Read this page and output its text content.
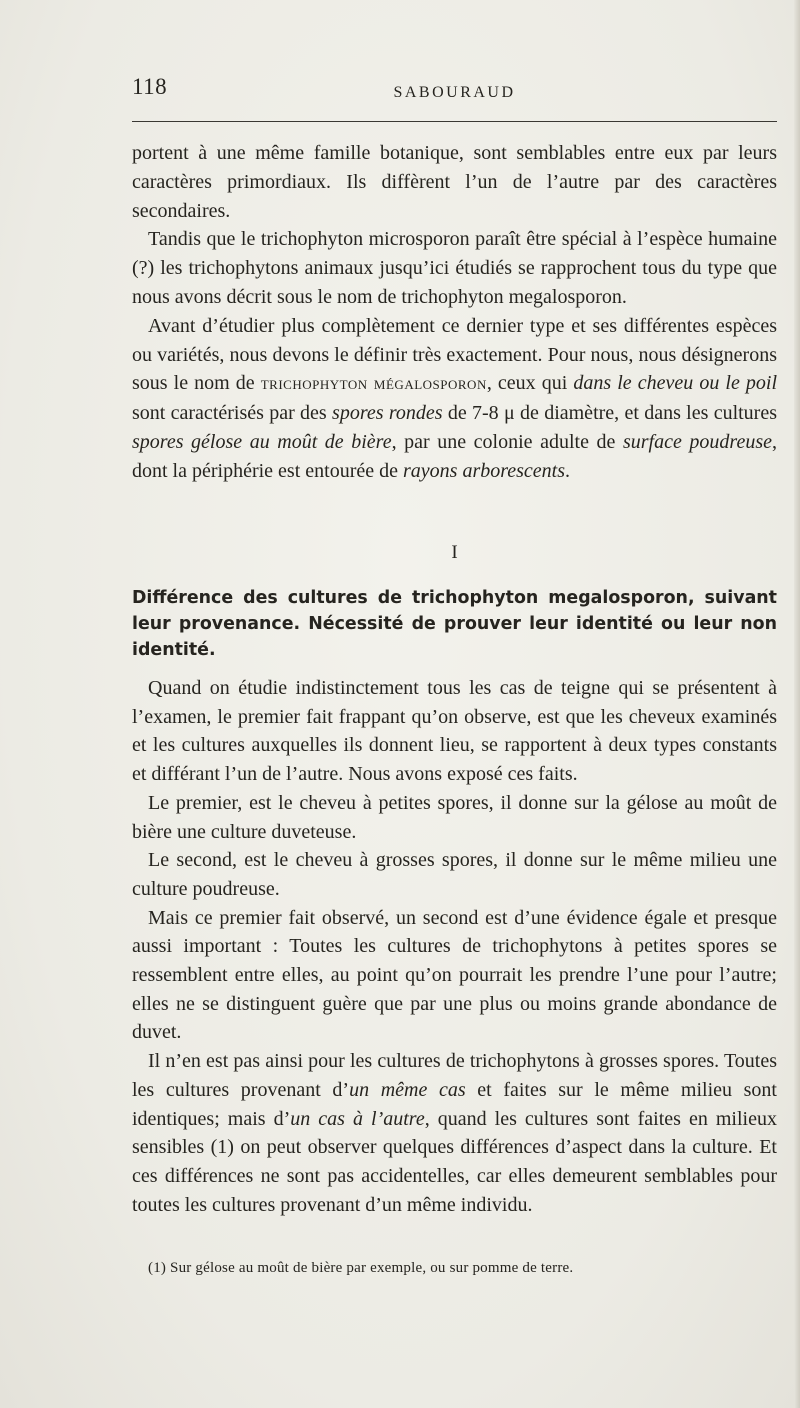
118	SABOURAUD

portent à une même famille botanique, sont semblables entre eux par leurs caractères primordiaux. Ils diffèrent l’un de l’autre par des caractères secondaires.

Tandis que le trichophyton microsporon paraît être spécial à l’espèce humaine (?) les trichophytons animaux jusqu’ici étudiés se rapprochent tous du type que nous avons décrit sous le nom de trichophyton megalosporon.

Avant d’étudier plus complètement ce dernier type et ses différentes espèces ou variétés, nous devons le définir très exactement. Pour nous, nous désignerons sous le nom de trichophyton mégalosporon, ceux qui dans le cheveu ou le poil sont caractérisés par des spores rondes de 7-8 μ de diamètre, et dans les cultures spores gélose au moût de bière, par une colonie adulte de surface poudreuse, dont la périphérie est entourée de rayons arborescents.

I
Différence des cultures de trichophyton megalosporon, suivant leur provenance. Nécessité de prouver leur identité ou leur non identité.

Quand on étudie indistinctement tous les cas de teigne qui se présentent à l’examen, le premier fait frappant qu’on observe, est que les cheveux examinés et les cultures auxquelles ils donnent lieu, se rapportent à deux types constants et différant l’un de l’autre. Nous avons exposé ces faits.

Le premier, est le cheveu à petites spores, il donne sur la gélose au moût de bière une culture duveteuse.

Le second, est le cheveu à grosses spores, il donne sur le même milieu une culture poudreuse.

Mais ce premier fait observé, un second est d’une évidence égale et presque aussi important : Toutes les cultures de trichophytons à petites spores se ressemblent entre elles, au point qu’on pourrait les prendre l’une pour l’autre; elles ne se distinguent guère que par une plus ou moins grande abondance de duvet.

Il n’en est pas ainsi pour les cultures de trichophytons à grosses spores. Toutes les cultures provenant d’un même cas et faites sur le même milieu sont identiques; mais d’un cas à l’autre, quand les cultures sont faites en milieux sensibles (1) on peut observer quelques différences d’aspect dans la culture. Et ces différences ne sont pas accidentelles, car elles demeurent semblables pour toutes les cultures provenant d’un même individu.

(1) Sur gélose au moût de bière par exemple, ou sur pomme de terre.
